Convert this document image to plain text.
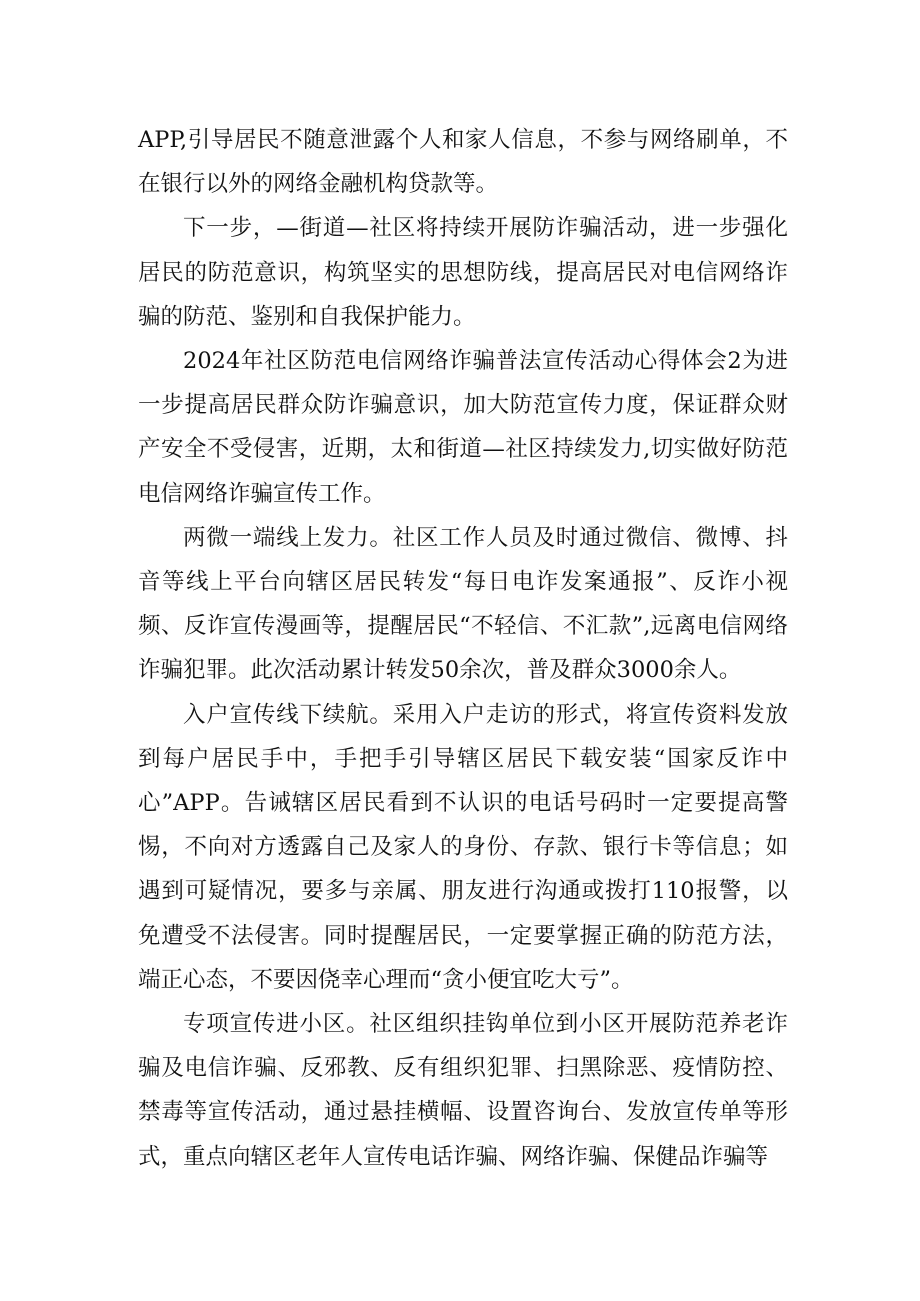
APP,引导居民不随意泄露个人和家人信息，不参与网络刷单，不在银行以外的网络金融机构贷款等。

下一步，—街道—社区将持续开展防诈骗活动，进一步强化居民的防范意识，构筑坚实的思想防线，提高居民对电信网络诈骗的防范、鉴别和自我保护能力。

2024年社区防范电信网络诈骗普法宣传活动心得体会2为进一步提高居民群众防诈骗意识，加大防范宣传力度，保证群众财产安全不受侵害，近期，太和街道—社区持续发力,切实做好防范电信网络诈骗宣传工作。

两微一端线上发力。社区工作人员及时通过微信、微博、抖音等线上平台向辖区居民转发“每日电诈发案通报”、反诈小视频、反诈宣传漫画等，提醒居民“不轻信、不汇款”,远离电信网络诈骗犯罪。此次活动累计转发50余次，普及群众3000余人。

入户宣传线下续航。采用入户走访的形式，将宣传资料发放到每户居民手中，手把手引导辖区居民下载安装“国家反诈中心”APP。告诫辖区居民看到不认识的电话号码时一定要提高警惕，不向对方透露自己及家人的身份、存款、银行卡等信息；如遇到可疑情况，要多与亲属、朋友进行沟通或拨打110报警，以免遭受不法侵害。同时提醒居民，一定要掌握正确的防范方法，端正心态，不要因侥幸心理而“贪小便宜吃大亏”。

专项宣传进小区。社区组织挂钩单位到小区开展防范养老诈骗及电信诈骗、反邪教、反有组织犯罪、扫黑除恶、疫情防控、禁毒等宣传活动，通过悬挂横幅、设置咨询台、发放宣传单等形式，重点向辖区老年人宣传电话诈骗、网络诈骗、保健品诈骗等
